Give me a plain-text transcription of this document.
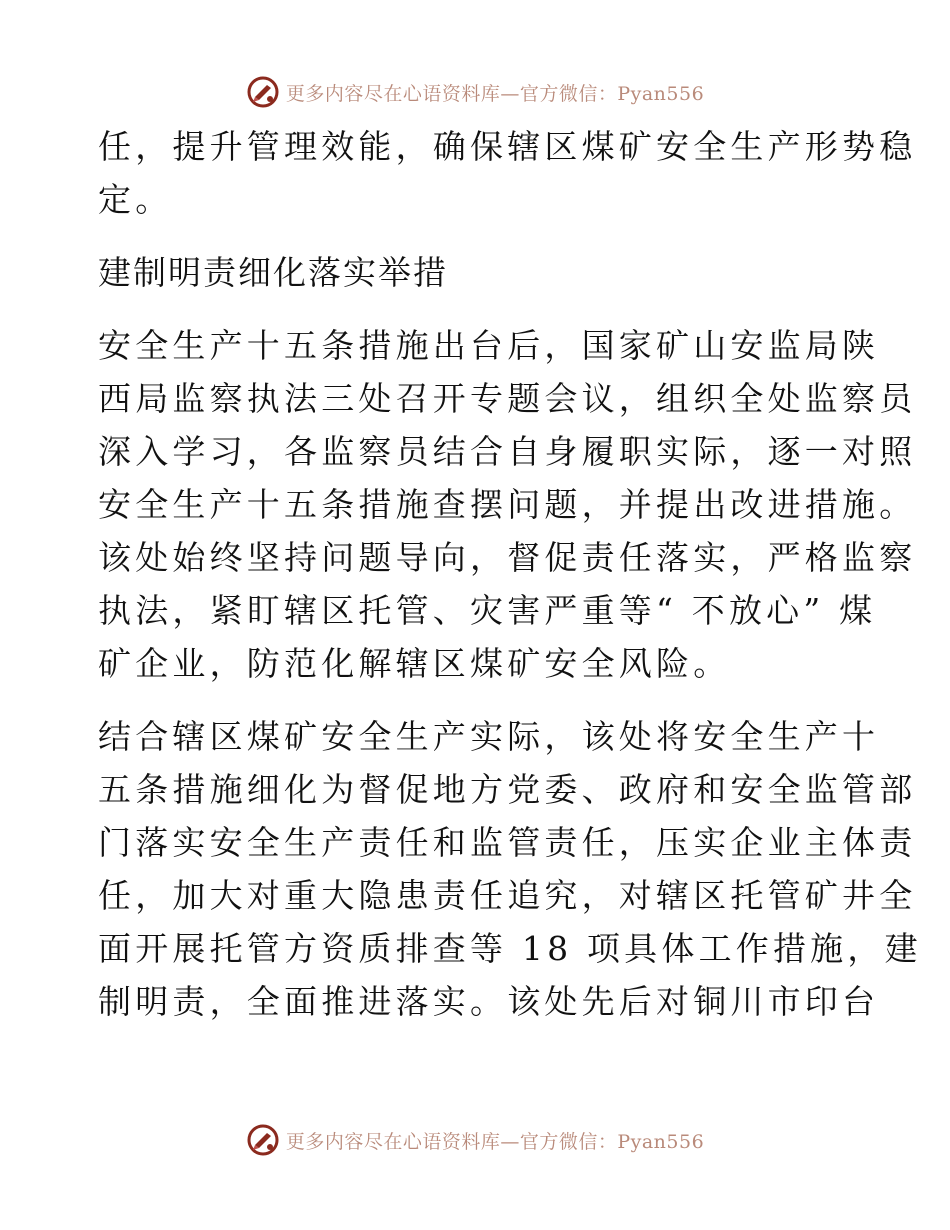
更多内容尽在心语资料库—官方微信：Pyan556
任，提升管理效能，确保辖区煤矿安全生产形势稳
定。
建制明责细化落实举措
安全生产十五条措施出台后，国家矿山安监局陕
西局监察执法三处召开专题会议，组织全处监察员
深入学习，各监察员结合自身履职实际，逐一对照
安全生产十五条措施查摆问题，并提出改进措施。
该处始终坚持问题导向，督促责任落实，严格监察
执法，紧盯辖区托管、灾害严重等“ 不放心” 煤
矿企业，防范化解辖区煤矿安全风险。
结合辖区煤矿安全生产实际，该处将安全生产十
五条措施细化为督促地方党委、政府和安全监管部
门落实安全生产责任和监管责任，压实企业主体责
任，加大对重大隐患责任追究，对辖区托管矿井全
面开展托管方资质排查等 18 项具体工作措施，建
制明责，全面推进落实。该处先后对铜川市印台
更多内容尽在心语资料库—官方微信：Pyan556
